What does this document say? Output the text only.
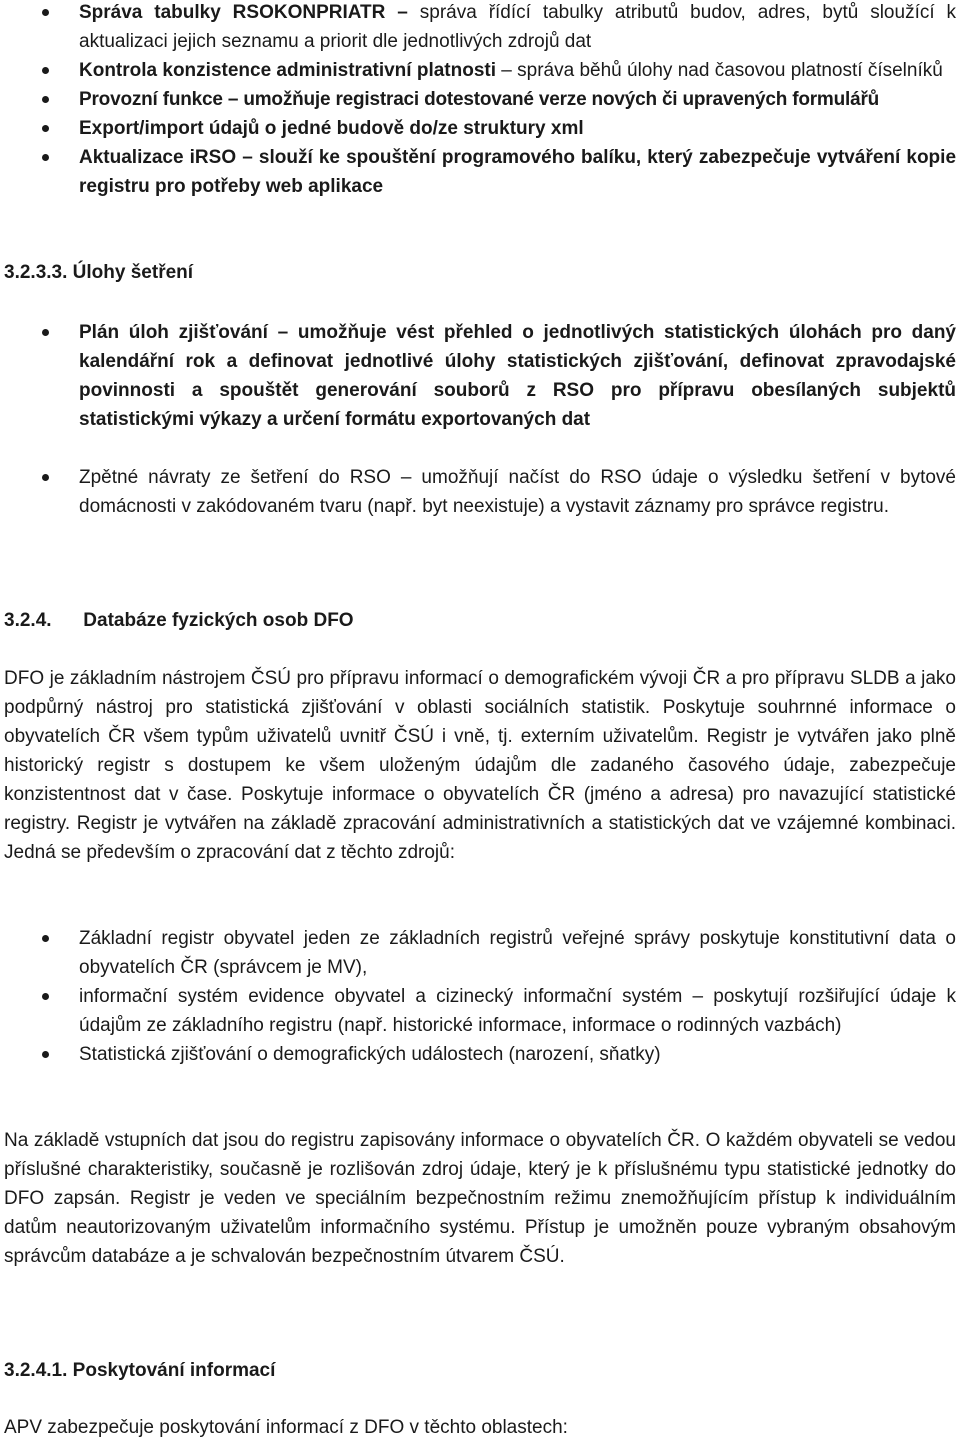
Správa tabulky RSOKONPRIATR – správa řídící tabulky atributů budov, adres, bytů sloužící k aktualizaci jejich seznamu a priorit dle jednotlivých zdrojů dat
Kontrola konzistence administrativní platnosti – správa běhů úlohy nad časovou platností číselníků
Provozní funkce – umožňuje registraci dotestované verze nových či upravených formulářů
Export/import údajů o jedné budově do/ze struktury xml
Aktualizace iRSO – slouží ke spouštění programového balíku, který zabezpečuje vytváření kopie registru pro potřeby web aplikace
3.2.3.3. Úlohy šetření
Plán úloh zjišťování – umožňuje vést přehled o jednotlivých statistických úlohách pro daný kalendářní rok a definovat jednotlivé úlohy statistických zjišťování, definovat zpravodajské povinnosti a spouštět generování souborů z RSO pro přípravu obesílaných subjektů statistickými výkazy a určení formátu exportovaných dat
Zpětné návraty ze šetření do RSO – umožňují načíst do RSO údaje o výsledku šetření v bytové domácnosti v zakódovaném tvaru (např. byt neexistuje) a vystavit záznamy pro správce registru.
3.2.4. Databáze fyzických osob DFO

DFO je základním nástrojem ČSÚ pro přípravu informací o demografickém vývoji ČR a pro přípravu SLDB a jako podpůrný nástroj pro statistická zjišťování v oblasti sociálních statistik. Poskytuje souhrnné informace o obyvatelích ČR všem typům uživatelů uvnitř ČSÚ i vně, tj. externím uživatelům. Registr je vytvářen jako plně historický registr s dostupem ke všem uloženým údajům dle zadaného časového údaje, zabezpečuje konzistentnost dat v čase. Poskytuje informace o obyvatelích ČR (jméno a adresa) pro navazující statistické registry. Registr je vytvářen na základě zpracování administrativních a statistických dat ve vzájemné kombinaci. Jedná se především o zpracování dat z těchto zdrojů:

Základní registr obyvatel jeden ze základních registrů veřejné správy poskytuje konstitutivní data o obyvatelích ČR (správcem je MV),
informační systém evidence obyvatel a cizinecký informační systém – poskytují rozšiřující údaje k údajům ze základního registru (např. historické informace, informace o rodinných vazbách)
Statistická zjišťování o demografických událostech (narození, sňatky)

Na základě vstupních dat jsou do registru zapisovány informace o obyvatelích ČR. O každém obyvateli se vedou příslušné charakteristiky, současně je rozlišován zdroj údaje, který je k příslušnému typu statistické jednotky do DFO zapsán. Registr je veden ve speciálním bezpečnostním režimu znemožňujícím přístup k individuálním datům neautorizovaným uživatelům informačního systému. Přístup je umožněn pouze vybraným obsahovým správcům databáze a je schvalován bezpečnostním útvarem ČSÚ.

3.2.4.1. Poskytování informací

APV zabezpečuje poskytování informací z DFO v těchto oblastech:
